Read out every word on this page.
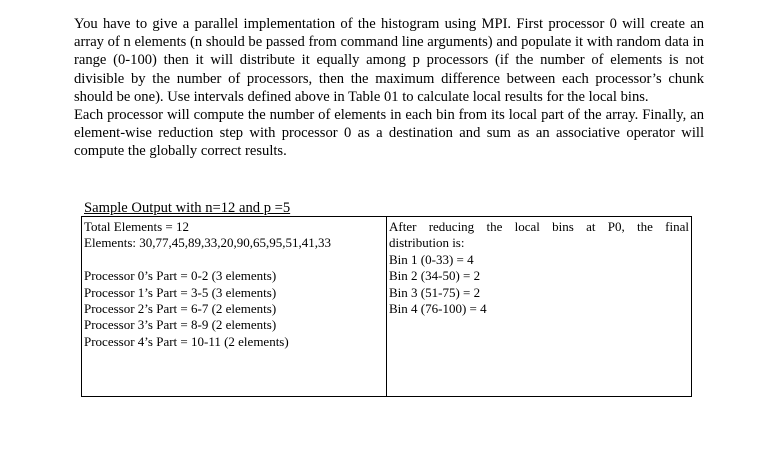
You have to give a parallel implementation of the histogram using MPI. First processor 0 will create an array of n elements (n should be passed from command line arguments) and populate it with random data in range (0-100) then it will distribute it equally among p processors (if the number of elements is not divisible by the number of processors, then the maximum difference between each processor’s chunk should be one). Use intervals defined above in Table 01 to calculate local results for the local bins.

Each processor will compute the number of elements in each bin from its local part of the array. Finally, an element-wise reduction step with processor 0 as a destination and sum as an associative operator will compute the globally correct results.

Sample Output with n=12 and p =5
Total Elements = 12
Elements: 30,77,45,89,33,20,90,65,95,51,41,33
Processor 0’s Part = 0-2 (3 elements)
Processor 1’s Part = 3-5 (3 elements)
Processor 2’s Part = 6-7 (2 elements)
Processor 3’s Part = 8-9 (2 elements)
Processor 4’s Part = 10-11 (2 elements)
After reducing the local bins at P0, the final
distribution is:
Bin 1 (0-33) = 4
Bin 2 (34-50) = 2
Bin 3 (51-75) = 2
Bin 4 (76-100) = 4
